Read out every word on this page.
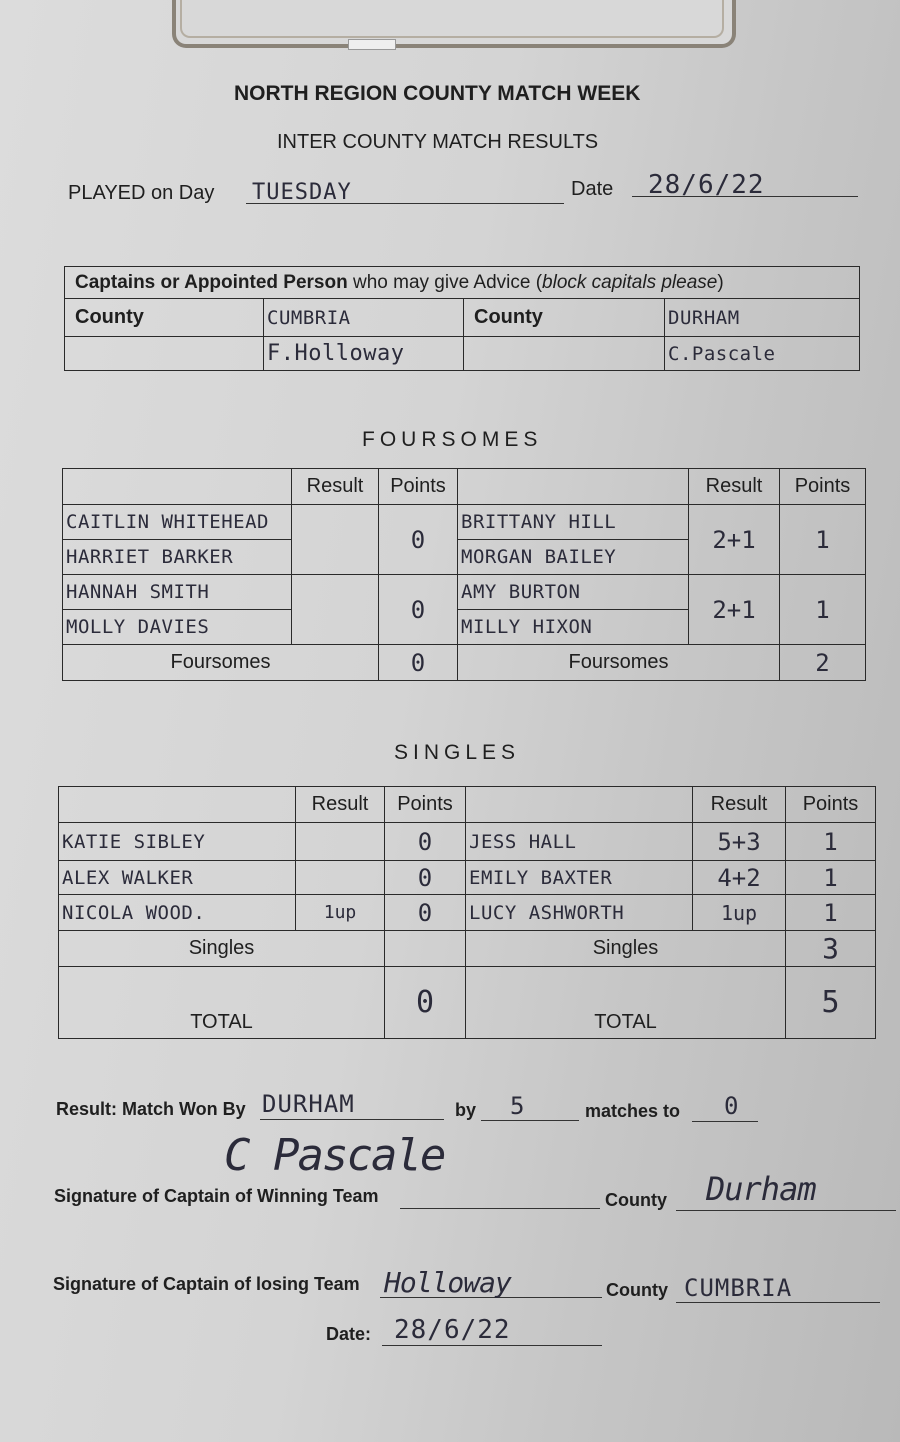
NORTH REGION COUNTY MATCH WEEK
INTER COUNTY MATCH RESULTS
PLAYED on Day TUESDAY	Date 28/6/22
Captains or Appointed Person who may give Advice (block capitals please)			
County	CUMBRIA	County	DURHAM
	F.Holloway		C.Pascale
FOURSOMES
	Result	Points		Result	Points
CAITLIN WHITEHEAD		0	BRITTANY HILL	2+1	1
HARRIET BARKER			MORGAN BAILEY		
HANNAH SMITH		0	AMY BURTON	2+1	1
MOLLY DAVIES			MILLY HIXON		
Foursomes		0	Foursomes		2
SINGLES
	Result	Points		Result	Points
KATIE SIBLEY		0	JESS HALL	5+3	1
ALEX WALKER		0	EMILY BAXTER	4+2	1
NICOLA WOOD.	1up	0	LUCY ASHWORTH	1up	1
Singles			Singles		3
TOTAL		0	TOTAL		5
Result: Match Won By DURHAM	by 5	matches to 0
C Pascale
Signature of Captain of Winning Team	County Durham
Signature of Captain of losing Team Holloway	County CUMBRIA
Date: 28/6/22
